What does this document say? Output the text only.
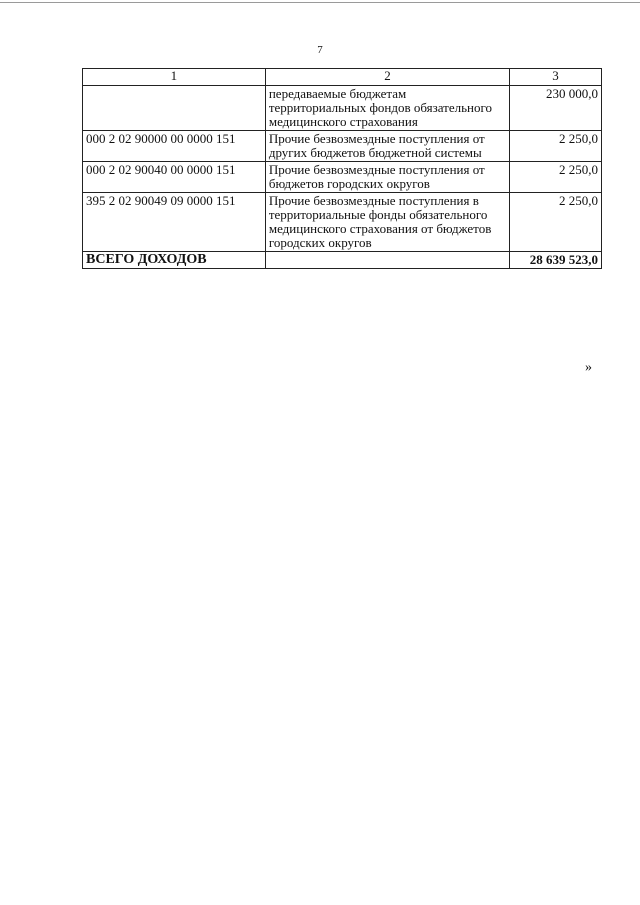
7
1	2	3
	передаваемые бюджетам территориальных фондов обязательного медицинского страхования	230 000,0
000 2 02 90000 00 0000 151	Прочие безвозмездные поступления от других бюджетов бюджетной системы	2 250,0
000 2 02 90040 00 0000 151	Прочие безвозмездные поступления от бюджетов городских округов	2 250,0
395 2 02 90049 09 0000 151	Прочие безвозмездные поступления в территориальные фонды обязательного медицинского страхования от бюджетов городских округов	2 250,0
ВСЕГО ДОХОДОВ		28 639 523,0
»
